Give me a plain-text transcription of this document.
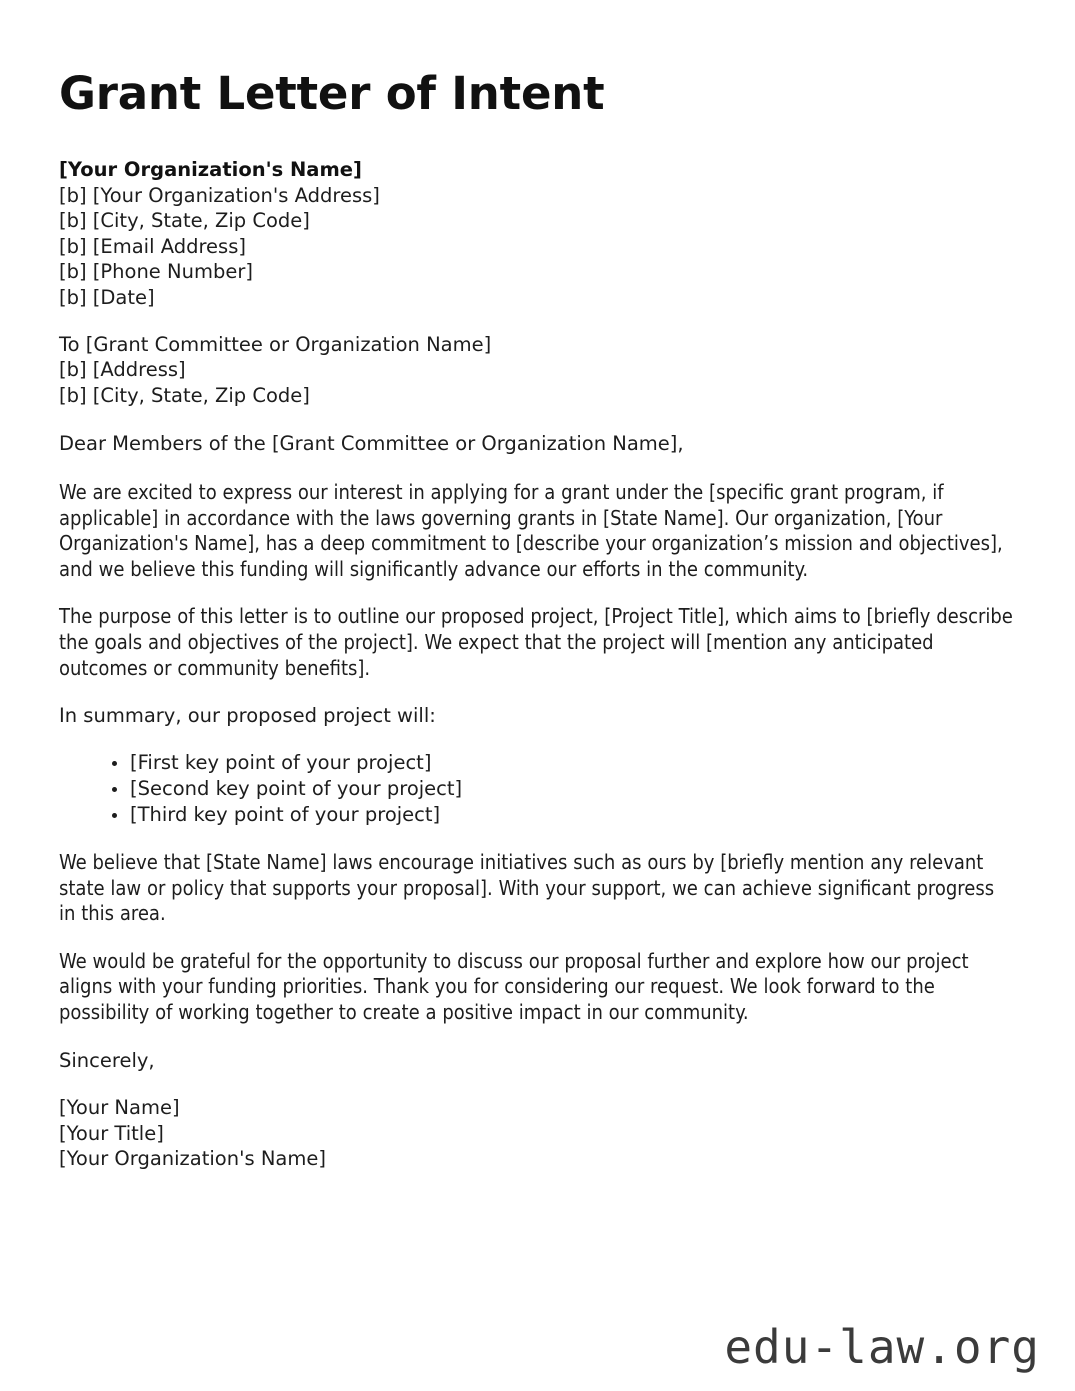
Grant Letter of Intent
[Your Organization's Name]
[b] [Your Organization's Address]
[b] [City, State, Zip Code]
[b] [Email Address]
[b] [Phone Number]
[b] [Date]
To [Grant Committee or Organization Name]
[b] [Address]
[b] [City, State, Zip Code]

Dear Members of the [Grant Committee or Organization Name],

We are excited to express our interest in applying for a grant under the [specific grant program, if applicable] in accordance with the laws governing grants in [State Name]. Our organization, [Your Organization's Name], has a deep commitment to [describe your organization’s mission and objectives], and we believe this funding will significantly advance our efforts in the community.

The purpose of this letter is to outline our proposed project, [Project Title], which aims to [briefly describe the goals and objectives of the project]. We expect that the project will [mention any anticipated outcomes or community benefits].

In summary, our proposed project will:

[First key point of your project]
[Second key point of your project]
[Third key point of your project]

We believe that [State Name] laws encourage initiatives such as ours by [briefly mention any relevant state law or policy that supports your proposal]. With your support, we can achieve significant progress in this area.

We would be grateful for the opportunity to discuss our proposal further and explore how our project aligns with your funding priorities. Thank you for considering our request. We look forward to the possibility of working together to create a positive impact in our community.

Sincerely,

[Your Name]
[Your Title]
[Your Organization's Name]
edu-law.org
